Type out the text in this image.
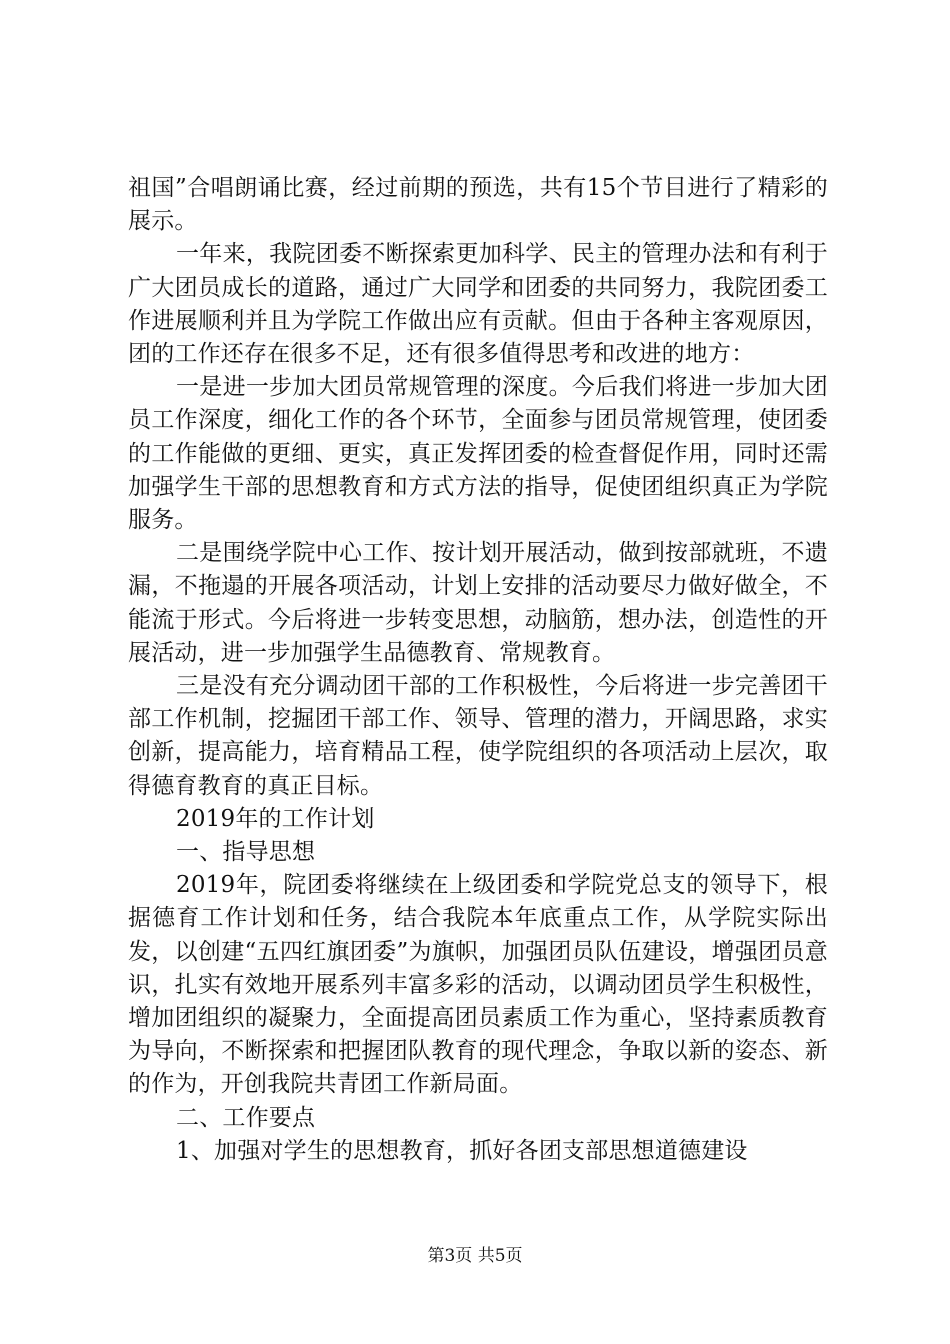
祖国”合唱朗诵比赛，经过前期的预选，共有15个节目进行了精彩的展示。

一年来，我院团委不断探索更加科学、民主的管理办法和有利于广大团员成长的道路，通过广大同学和团委的共同努力，我院团委工作进展顺利并且为学院工作做出应有贡献。但由于各种主客观原因，团的工作还存在很多不足，还有很多值得思考和改进的地方：

一是进一步加大团员常规管理的深度。今后我们将进一步加大团员工作深度，细化工作的各个环节，全面参与团员常规管理，使团委的工作能做的更细、更实，真正发挥团委的检查督促作用，同时还需加强学生干部的思想教育和方式方法的指导，促使团组织真正为学院服务。

二是围绕学院中心工作、按计划开展活动，做到按部就班，不遗漏，不拖遢的开展各项活动，计划上安排的活动要尽力做好做全，不能流于形式。今后将进一步转变思想，动脑筋，想办法，创造性的开展活动，进一步加强学生品德教育、常规教育。

三是没有充分调动团干部的工作积极性，今后将进一步完善团干部工作机制，挖掘团干部工作、领导、管理的潜力，开阔思路，求实创新，提高能力，培育精品工程，使学院组织的各项活动上层次，取得德育教育的真正目标。

2019年的工作计划

一、指导思想

2019年，院团委将继续在上级团委和学院党总支的领导下，根据德育工作计划和任务，结合我院本年底重点工作，从学院实际出发，以创建“五四红旗团委”为旗帜，加强团员队伍建设，增强团员意识，扎实有效地开展系列丰富多彩的活动，以调动团员学生积极性，增加团组织的凝聚力，全面提高团员素质工作为重心，坚持素质教育为导向，不断探索和把握团队教育的现代理念，争取以新的姿态、新的作为，开创我院共青团工作新局面。

二、工作要点

1、加强对学生的思想教育，抓好各团支部思想道德建设

第3页 共5页
